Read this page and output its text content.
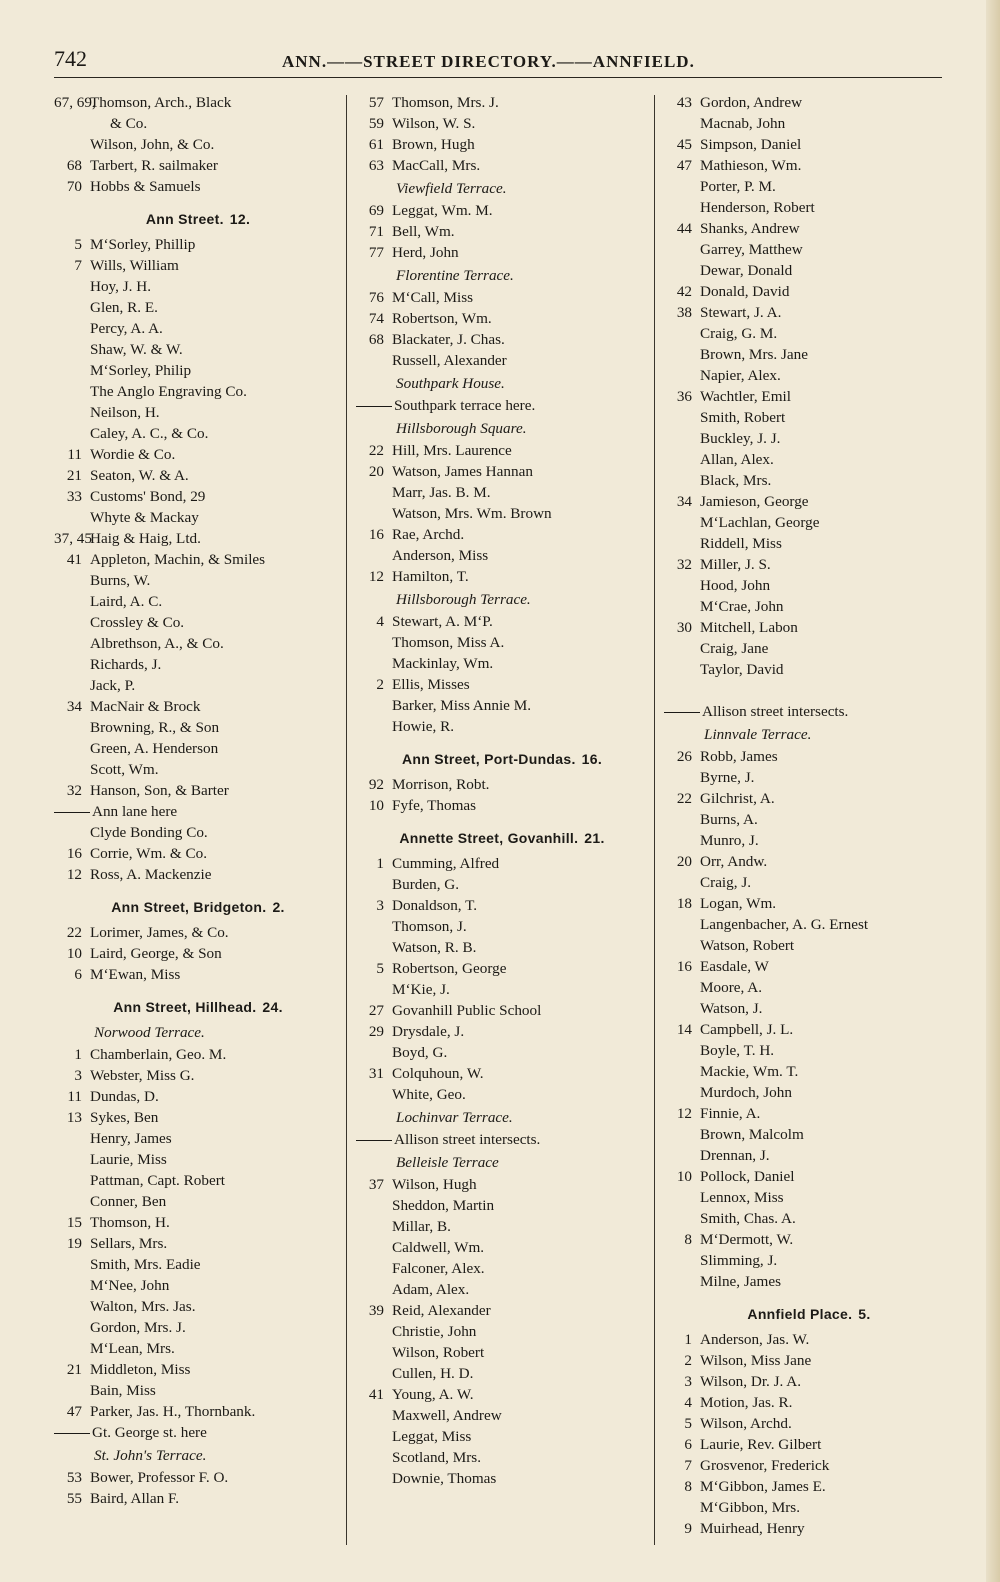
742	ANN.——STREET DIRECTORY.——ANNFIELD.
67, 69,Thomson, Arch., Black
& Co.
Wilson, John, & Co.
68 Tarbert, R. sailmaker
70 Hobbs & Samuels
Ann Street. 12.
5 M‘Sorley, Phillip
7 Wills, William
Hoy, J. H.
Glen, R. E.
Percy, A. A.
Shaw, W. & W.
M‘Sorley, Philip
The Anglo Engraving Co.
Neilson, H.
Caley, A. C., & Co.
11 Wordie & Co.
21 Seaton, W. & A.
33 Customs' Bond, 29
Whyte & Mackay
37, 45Haig & Haig, Ltd.
41 Appleton, Machin, & Smiles
Burns, W.
Laird, A. C.
Crossley & Co.
Albrethson, A., & Co.
Richards, J.
Jack, P.
34 MacNair & Brock
Browning, R., & Son
Green, A. Henderson
Scott, Wm.
32 Hanson, Son, & Barter
Ann lane here
Clyde Bonding Co.
16 Corrie, Wm. & Co.
12 Ross, A. Mackenzie
Ann Street, Bridgeton. 2.
22 Lorimer, James, & Co.
10 Laird, George, & Son
6 M‘Ewan, Miss
Ann Street, Hillhead. 24.
Norwood Terrace.
1 Chamberlain, Geo. M.
3 Webster, Miss G.
11 Dundas, D.
13 Sykes, Ben
Henry, James
Laurie, Miss
Pattman, Capt. Robert
Conner, Ben
15 Thomson, H.
19 Sellars, Mrs.
Smith, Mrs. Eadie
M‘Nee, John
Walton, Mrs. Jas.
Gordon, Mrs. J.
M‘Lean, Mrs.
21 Middleton, Miss
Bain, Miss
47 Parker, Jas. H., Thornbank.
Gt. George st. here
St. John's Terrace.
53 Bower, Professor F. O.
55 Baird, Allan F.
57 Thomson, Mrs. J.
59 Wilson, W. S.
61 Brown, Hugh
63 MacCall, Mrs.
Viewfield Terrace.
69 Leggat, Wm. M.
71 Bell, Wm.
77 Herd, John
Florentine Terrace.
76 M‘Call, Miss
74 Robertson, Wm.
68 Blackater, J. Chas.
Russell, Alexander
Southpark House.
Southpark terrace here.
Hillsborough Square.
22 Hill, Mrs. Laurence
20 Watson, James Hannan
Marr, Jas. B. M.
Watson, Mrs. Wm. Brown
16 Rae, Archd.
Anderson, Miss
12 Hamilton, T.
Hillsborough Terrace.
4 Stewart, A. M‘P.
Thomson, Miss A.
Mackinlay, Wm.
2 Ellis, Misses
Barker, Miss Annie M.
Howie, R.
Ann Street, Port-Dundas. 16.
92 Morrison, Robt.
10 Fyfe, Thomas
Annette Street, Govanhill. 21.
1 Cumming, Alfred
Burden, G.
3 Donaldson, T.
Thomson, J.
Watson, R. B.
5 Robertson, George
M‘Kie, J.
27 Govanhill Public School
29 Drysdale, J.
Boyd, G.
31 Colquhoun, W.
White, Geo.
Lochinvar Terrace.
Allison street intersects.
Belleisle Terrace
37 Wilson, Hugh
Sheddon, Martin
Millar, B.
Caldwell, Wm.
Falconer, Alex.
Adam, Alex.
39 Reid, Alexander
Christie, John
Wilson, Robert
Cullen, H. D.
41 Young, A. W.
Maxwell, Andrew
Leggat, Miss
Scotland, Mrs.
Downie, Thomas
43 Gordon, Andrew
Macnab, John
45 Simpson, Daniel
47 Mathieson, Wm.
Porter, P. M.
Henderson, Robert
44 Shanks, Andrew
Garrey, Matthew
Dewar, Donald
42 Donald, David
38 Stewart, J. A.
Craig, G. M.
Brown, Mrs. Jane
Napier, Alex.
36 Wachtler, Emil
Smith, Robert
Buckley, J. J.
Allan, Alex.
Black, Mrs.
34 Jamieson, George
M‘Lachlan, George
Riddell, Miss
32 Miller, J. S.
Hood, John
M‘Crae, John
30 Mitchell, Labon
Craig, Jane
Taylor, David
Allison street intersects.
Linnvale Terrace.
26 Robb, James
Byrne, J.
22 Gilchrist, A.
Burns, A.
Munro, J.
20 Orr, Andw.
Craig, J.
18 Logan, Wm.
Langenbacher, A. G. Ernest
Watson, Robert
16 Easdale, W
Moore, A.
Watson, J.
14 Campbell, J. L.
Boyle, T. H.
Mackie, Wm. T.
Murdoch, John
12 Finnie, A.
Brown, Malcolm
Drennan, J.
10 Pollock, Daniel
Lennox, Miss
Smith, Chas. A.
8 M‘Dermott, W.
Slimming, J.
Milne, James
Annfield Place. 5.
1 Anderson, Jas. W.
2 Wilson, Miss Jane
3 Wilson, Dr. J. A.
4 Motion, Jas. R.
5 Wilson, Archd.
6 Laurie, Rev. Gilbert
7 Grosvenor, Frederick
8 M‘Gibbon, James E.
M‘Gibbon, Mrs.
9 Muirhead, Henry
